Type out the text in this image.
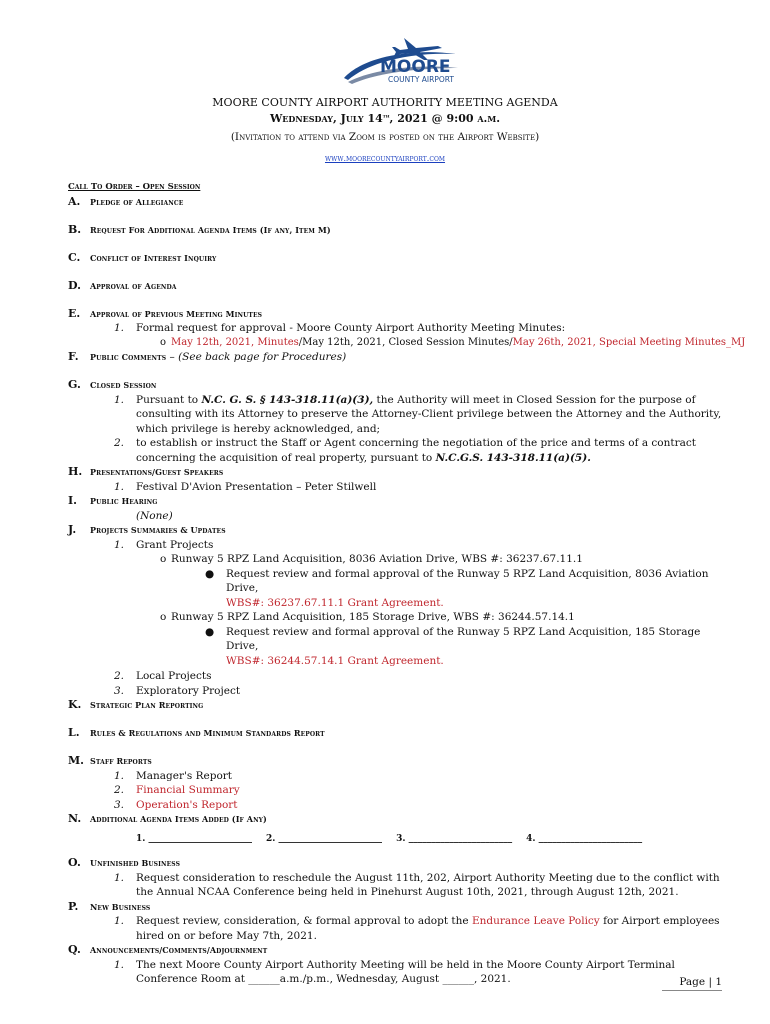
MOORE
COUNTY AIRPORT
MOORE COUNTY AIRPORT AUTHORITY MEETING AGENDA
Wednesday, July 14th, 2021 @ 9:00 a.m.
(Invitation to attend via Zoom is posted on the Airport Website)
www.moorecountyairport.com
Call To Order – Open Session
A. Pledge of Allegiance
B. Request For Additional Agenda Items (If any, Item M)
C. Conflict of Interest Inquiry
D. Approval of Agenda
E. Approval of Previous Meeting Minutes
1. Formal request for approval - Moore County Airport Authority Meeting Minutes:
o May 12th, 2021, Minutes/May 12th, 2021, Closed Session Minutes/May 26th, 2021, Special Meeting Minutes_MJ
F. Public Comments – (See back page for Procedures)
G. Closed Session
1. Pursuant to N.C. G. S. § 143-318.11(a)(3), the Authority will meet in Closed Session for the purpose of consulting with its Attorney to preserve the Attorney-Client privilege between the Attorney and the Authority, which privilege is hereby acknowledged, and;
2. to establish or instruct the Staff or Agent concerning the negotiation of the price and terms of a contract concerning the acquisition of real property, pursuant to N.C.G.S. 143-318.11(a)(5).
H. Presentations/Guest Speakers
1. Festival D'Avion Presentation – Peter Stilwell
I. Public Hearing
(None)
J. Projects Summaries & Updates
1. Grant Projects
o Runway 5 RPZ Land Acquisition, 8036 Aviation Drive, WBS #: 36237.67.11.1
● Request review and formal approval of the Runway 5 RPZ Land Acquisition, 8036 Aviation Drive,
WBS#: 36237.67.11.1 Grant Agreement.
o Runway 5 RPZ Land Acquisition, 185 Storage Drive, WBS #: 36244.57.14.1
● Request review and formal approval of the Runway 5 RPZ Land Acquisition, 185 Storage Drive,
WBS#: 36244.57.14.1 Grant Agreement.
2. Local Projects
3. Exploratory Project
K. Strategic Plan Reporting
L. Rules & Regulations and Minimum Standards Report
M. Staff Reports
1. Manager's Report
2. Financial Summary
3. Operation's Report
N. Additional Agenda Items Added (If Any)
1. _______________________ 2. _______________________ 3. _______________________ 4. _______________________
O. Unfinished Business
1. Request consideration to reschedule the August 11th, 202, Airport Authority Meeting due to the conflict with the Annual NCAA Conference being held in Pinehurst August 10th, 2021, through August 12th, 2021.
P. New Business
1. Request review, consideration, & formal approval to adopt the Endurance Leave Policy for Airport employees hired on or before May 7th, 2021.
Q. Announcements/Comments/Adjournment
1. The next Moore County Airport Authority Meeting will be held in the Moore County Airport Terminal Conference Room at ______a.m./p.m., Wednesday, August ______, 2021.	Page | 1
